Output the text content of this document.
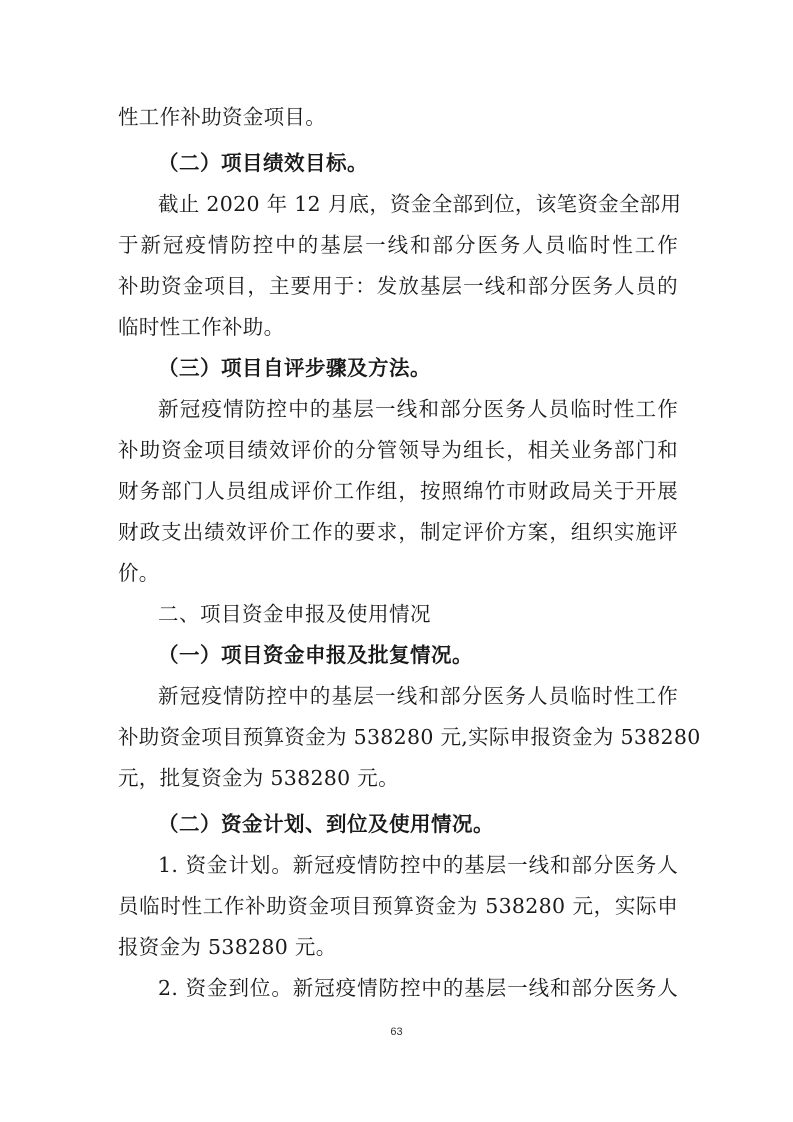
性工作补助资金项目。
（二）项目绩效目标。
截止 2020 年 12 月底，资金全部到位，该笔资金全部用
于新冠疫情防控中的基层一线和部分医务人员临时性工作
补助资金项目，主要用于：发放基层一线和部分医务人员的
临时性工作补助。
（三）项目自评步骤及方法。
新冠疫情防控中的基层一线和部分医务人员临时性工作
补助资金项目绩效评价的分管领导为组长，相关业务部门和
财务部门人员组成评价工作组，按照绵竹市财政局关于开展
财政支出绩效评价工作的要求，制定评价方案，组织实施评
价。
二、项目资金申报及使用情况
（一）项目资金申报及批复情况。
新冠疫情防控中的基层一线和部分医务人员临时性工作
补助资金项目预算资金为 538280 元,实际申报资金为 538280
元，批复资金为 538280 元。
（二）资金计划、到位及使用情况。
1. 资金计划。新冠疫情防控中的基层一线和部分医务人
员临时性工作补助资金项目预算资金为 538280 元，实际申
报资金为 538280 元。
2. 资金到位。新冠疫情防控中的基层一线和部分医务人
63
